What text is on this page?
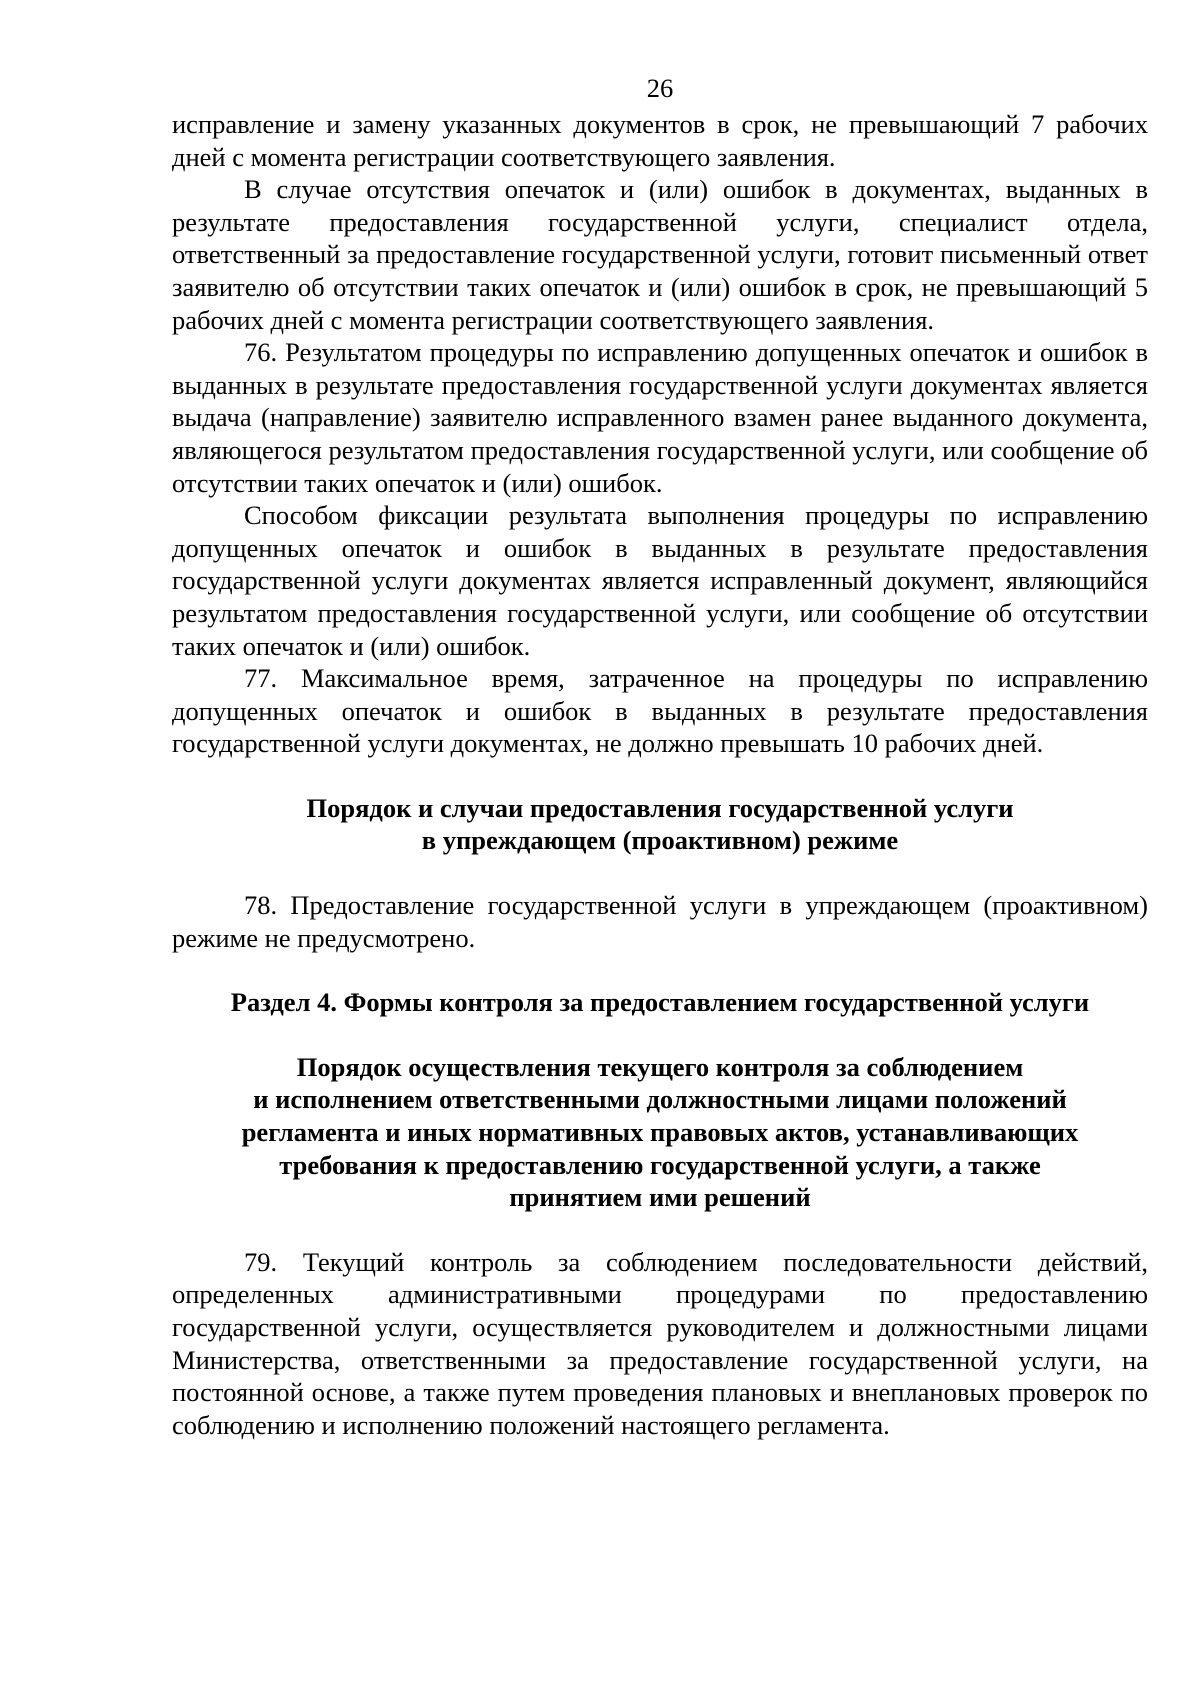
26

исправление и замену указанных документов в срок, не превышающий 7 рабочих дней с момента регистрации соответствующего заявления.

В случае отсутствия опечаток и (или) ошибок в документах, выданных в результате предоставления государственной услуги, специалист отдела, ответственный за предоставление государственной услуги, готовит письменный ответ заявителю об отсутствии таких опечаток и (или) ошибок в срок, не превышающий 5 рабочих дней с момента регистрации соответствующего заявления.

76. Результатом процедуры по исправлению допущенных опечаток и ошибок в выданных в результате предоставления государственной услуги документах является выдача (направление) заявителю исправленного взамен ранее выданного документа, являющегося результатом предоставления государственной услуги, или сообщение об отсутствии таких опечаток и (или) ошибок.

Способом фиксации результата выполнения процедуры по исправлению допущенных опечаток и ошибок в выданных в результате предоставления государственной услуги документах является исправленный документ, являющийся результатом предоставления государственной услуги, или сообщение об отсутствии таких опечаток и (или) ошибок.

77. Максимальное время, затраченное на процедуры по исправлению допущенных опечаток и ошибок в выданных в результате предоставления государственной услуги документах, не должно превышать 10 рабочих дней.

Порядок и случаи предоставления государственной услуги
в упреждающем (проактивном) режиме

78. Предоставление государственной услуги в упреждающем (проактивном) режиме не предусмотрено.

Раздел 4. Формы контроля за предоставлением государственной услуги
Порядок осуществления текущего контроля за соблюдением
и исполнением ответственными должностными лицами положений
регламента и иных нормативных правовых актов, устанавливающих
требования к предоставлению государственной услуги, а также
принятием ими решений

79. Текущий контроль за соблюдением последовательности действий, определенных административными процедурами по предоставлению государственной услуги, осуществляется руководителем и должностными лицами Министерства, ответственными за предоставление государственной услуги, на постоянной основе, а также путем проведения плановых и внеплановых проверок по соблюдению и исполнению положений настоящего регламента.
